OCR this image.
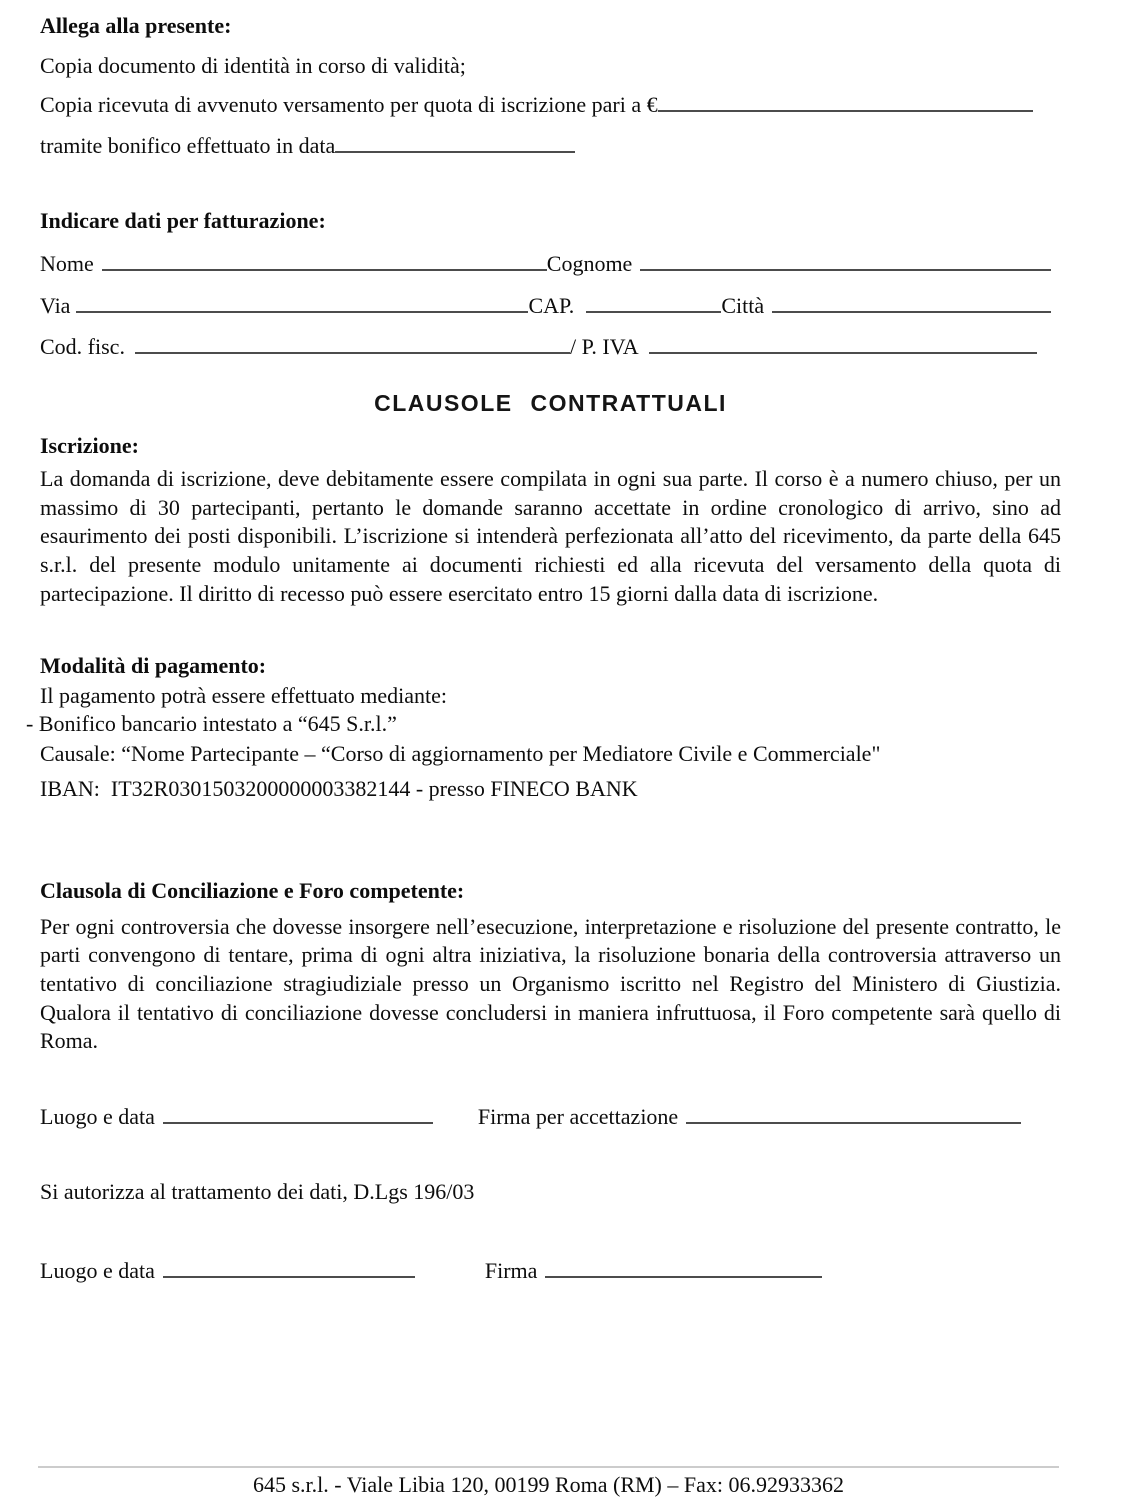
Allega alla presente:

Copia documento di identità in corso di validità;

Copia ricevuta di avvenuto versamento per quota di iscrizione pari a €
tramite bonifico effettuato in data
Indicare dati per fatturazione:
Nome	Cognome
Via	CAP.	Città
Cod. fisc.	/ P. IVA

CLAUSOLE CONTRATTUALI

Iscrizione:

La domanda di iscrizione, deve debitamente essere compilata in ogni sua parte. Il corso è a numero chiuso, per un massimo di 30 partecipanti, pertanto le domande saranno accettate in ordine cronologico di arrivo, sino ad esaurimento dei posti disponibili. L’iscrizione si intenderà perfezionata all’atto del ricevimento, da parte della 645 s.r.l. del presente modulo unitamente ai documenti richiesti ed alla ricevuta del versamento della quota di partecipazione. Il diritto di recesso può essere esercitato entro 15 giorni dalla data di iscrizione.

Modalità di pagamento:

Il pagamento potrà essere effettuato mediante:

- Bonifico bancario intestato a “645 S.r.l.”

Causale: “Nome Partecipante – “Corso di aggiornamento per Mediatore Civile e Commerciale"

IBAN:  IT32R0301503200000003382144 - presso FINECO BANK

Clausola di Conciliazione e Foro competente:

Per ogni controversia che dovesse insorgere nell’esecuzione, interpretazione e risoluzione del presente contratto, le parti convengono di tentare, prima di ogni altra iniziativa, la risoluzione bonaria della controversia attraverso un tentativo di conciliazione stragiudiziale presso un Organismo iscritto nel Registro del Ministero di Giustizia. Qualora il tentativo di conciliazione dovesse concludersi in maniera infruttuosa, il Foro competente sarà quello di Roma.

Luogo e data	Firma per accettazione

Si autorizza al trattamento dei dati, D.Lgs 196/03

Luogo e data	Firma
645 s.r.l. - Viale Libia 120, 00199 Roma (RM) – Fax: 06.92933362
